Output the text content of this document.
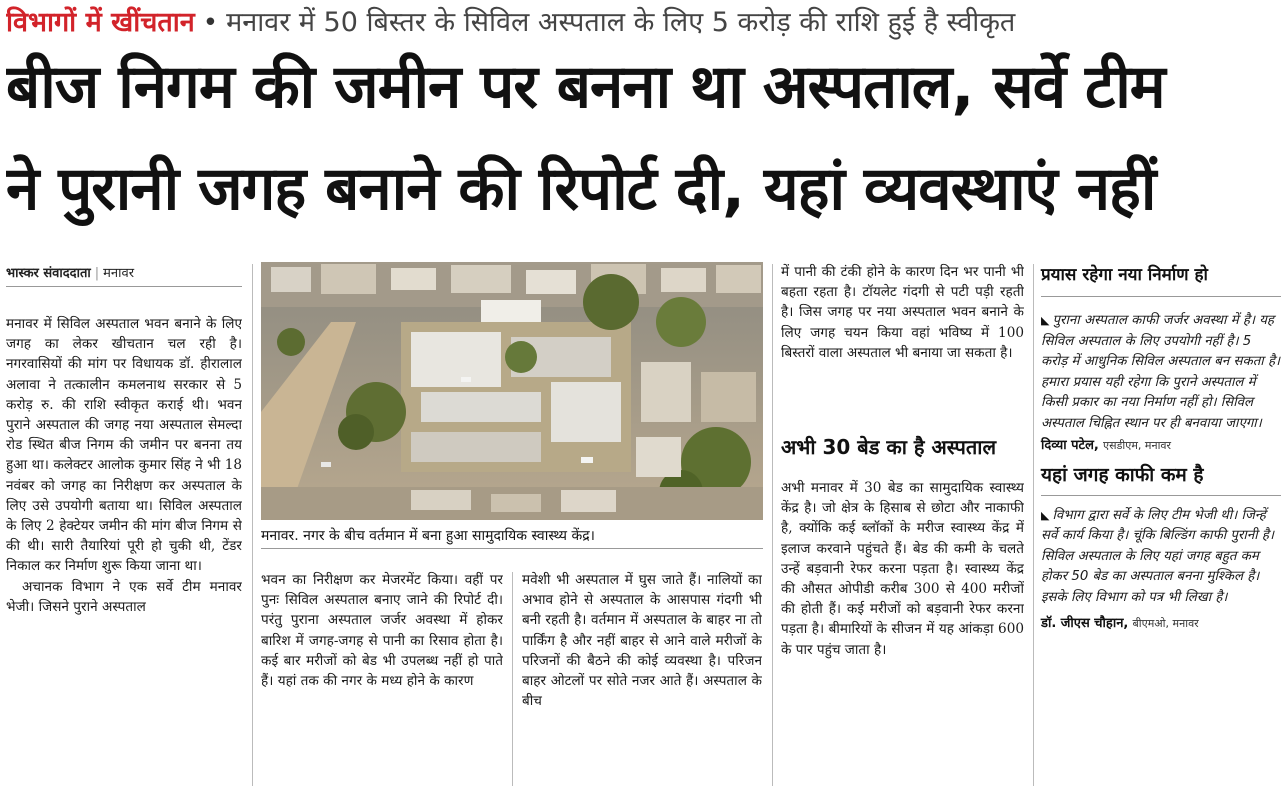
विभागों में खींचतान • मनावर में 50 बिस्तर के सिविल अस्पताल के लिए 5 करोड़ की राशि हुई है स्वीकृत
बीज निगम की जमीन पर बनना था अस्पताल, सर्वे टीम
ने पुरानी जगह बनाने की रिपोर्ट दी, यहां व्यवस्थाएं नहीं
भास्कर संवाददाता | मनावर

मनावर में सिविल अस्पताल भवन बनाने के लिए जगह का लेकर खीचतान चल रही है। नगरवासियों की मांग पर विधायक डॉ. हीरालाल अलावा ने तत्कालीन कमलनाथ सरकार से 5 करोड़ रु. की राशि स्वीकृत कराई थी। भवन पुराने अस्पताल की जगह नया अस्पताल सेमल्दा रोड स्थित बीज निगम की जमीन पर बनना तय हुआ था। कलेक्टर आलोक कुमार सिंह ने भी 18 नवंबर को जगह का निरीक्षण कर अस्पताल के लिए उसे उपयोगी बताया था। सिविल अस्पताल के लिए 2 हेक्टेयर जमीन की मांग बीज निगम से की थी। सारी तैयारियां पूरी हो चुकी थी, टेंडर निकाल कर निर्माण शुरू किया जाना था।

अचानक विभाग ने एक सर्वे टीम मनावर भेजी। जिसने पुराने अस्पताल

मनावर. नगर के बीच वर्तमान में बना हुआ सामुदायिक स्वास्थ्य केंद्र।

भवन का निरीक्षण कर मेजरमेंट किया। वहीं पर पुनः सिविल अस्पताल बनाए जाने की रिपोर्ट दी। परंतु पुराना अस्पताल जर्जर अवस्था में होकर बारिश में जगह-जगह से पानी का रिसाव होता है। कई बार मरीजों को बेड भी उपलब्ध नहीं हो पाते हैं। यहां तक की नगर के मध्य होने के कारण

मवेशी भी अस्पताल में घुस जाते हैं। नालियों का अभाव होने से अस्पताल के आसपास गंदगी भी बनी रहती है। वर्तमान में अस्पताल के बाहर ना तो पार्किंग है और नहीं बाहर से आने वाले मरीजों के परिजनों की बैठने की कोई व्यवस्था है। परिजन बाहर ओटलों पर सोते नजर आते हैं। अस्पताल के बीच

में पानी की टंकी होने के कारण दिन भर पानी भी बहता रहता है। टॉयलेट गंदगी से पटी पड़ी रहती है। जिस जगह पर नया अस्पताल भवन बनाने के लिए जगह चयन किया वहां भविष्य में 100 बिस्तरों वाला अस्पताल भी बनाया जा सकता है।

अभी 30 बेड का है अस्पताल

अभी मनावर में 30 बेड का सामुदायिक स्वास्थ्य केंद्र है। जो क्षेत्र के हिसाब से छोटा और नाकाफी है, क्योंकि कई ब्लॉकों के मरीज स्वास्थ्य केंद्र में इलाज करवाने पहुंचते हैं। बेड की कमी के चलते उन्हें बड़वानी रेफर करना पड़ता है। स्वास्थ्य केंद्र की औसत ओपीडी करीब 300 से 400 मरीजों की होती हैं। कई मरीजों को बड़वानी रेफर करना पड़ता है। बीमारियों के सीजन में यह आंकड़ा 600 के पार पहुंच जाता है।

प्रयास रहेगा नया निर्माण हो

◣ पुराना अस्पताल काफी जर्जर अवस्था में है। यह सिविल अस्पताल के लिए उपयोगी नहीं है। 5 करोड़ में आधुनिक सिविल अस्पताल बन सकता है। हमारा प्रयास यही रहेगा कि पुराने अस्पताल में किसी प्रकार का नया निर्माण नहीं हो। सिविल अस्पताल चिह्नित स्थान पर ही बनवाया जाएगा।

दिव्या पटेल, एसडीएम, मनावर
यहां जगह काफी कम है

◣ विभाग द्वारा सर्वे के लिए टीम भेजी थी। जिन्हें सर्वे कार्य किया है। चूंकि बिल्डिंग काफी पुरानी है। सिविल अस्पताल के लिए यहां जगह बहुत कम होकर 50 बेड का अस्पताल बनना मुश्किल है। इसके लिए विभाग को पत्र भी लिखा है।

डॉ. जीएस चौहान, बीएमओ, मनावर
